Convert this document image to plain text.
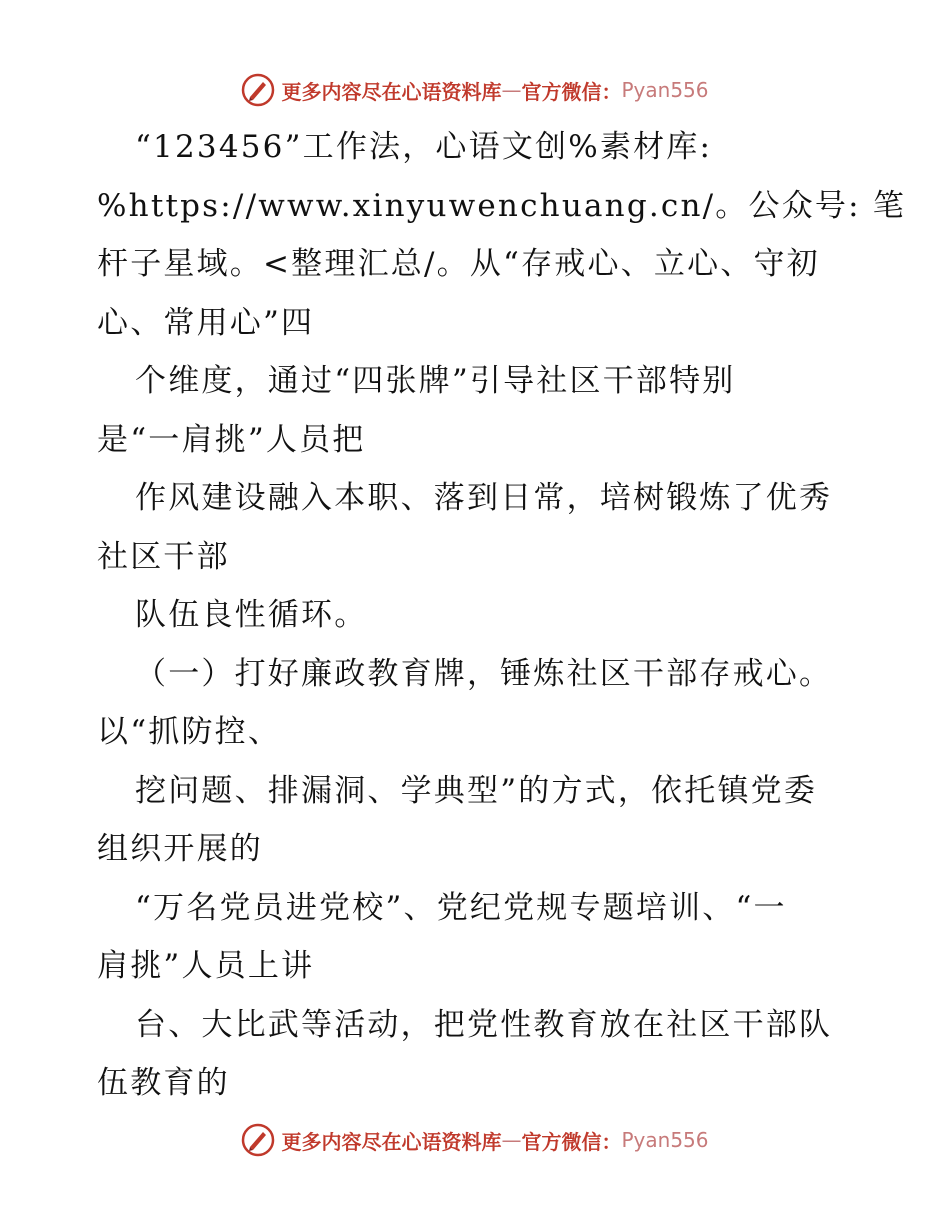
更多内容尽在心语资料库 — 官方微信： Pyan556
“123456”工作法，心语文创%素材库:
%https://www.xinyuwenchuang.cn/。公众号: 笔
杆子星域。<整理汇总/。从“存戒心、立心、守初
心、常用心”四
个维度，通过“四张牌”引导社区干部特别
是“一肩挑”人员把
作风建设融入本职、落到日常，培树锻炼了优秀
社区干部
队伍良性循环。
（一）打好廉政教育牌，锤炼社区干部存戒心。
以“抓防控、
挖问题、排漏洞、学典型”的方式，依托镇党委
组织开展的
“万名党员进党校”、党纪党规专题培训、“一
肩挑”人员上讲
台、大比武等活动，把党性教育放在社区干部队
伍教育的
更多内容尽在心语资料库 — 官方微信： Pyan556
